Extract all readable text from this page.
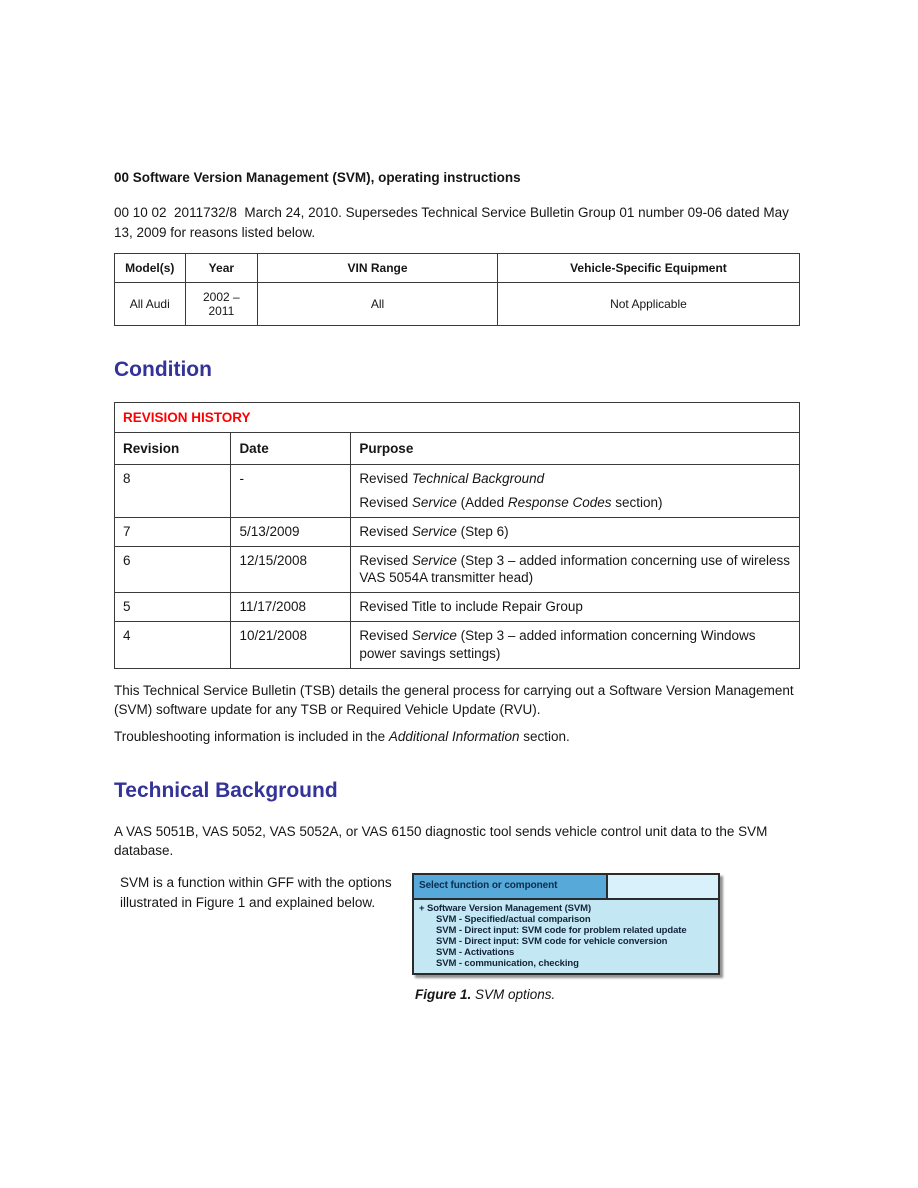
00 Software Version Management (SVM), operating instructions

00 10 02  2011732/8  March 24, 2010. Supersedes Technical Service Bulletin Group 01 number 09-06 dated May 13, 2009 for reasons listed below.

Model(s)	Year	VIN Range	Vehicle-Specific Equipment
All Audi	2002 – 2011	All	Not Applicable
Condition
REVISION HISTORY		
Revision	Date	Purpose
8	-	Revised Technical Background
Revised Service (Added Response Codes section)

7	5/13/2009	Revised Service (Step 6)

6	12/15/2008	Revised Service (Step 3 – added information concerning use of wireless VAS 5054A transmitter head)

5	11/17/2008	Revised Title to include Repair Group

4	10/21/2008	Revised Service (Step 3 – added information concerning Windows power savings settings)

This Technical Service Bulletin (TSB) details the general process for carrying out a Software Version Management (SVM) software update for any TSB or Required Vehicle Update (RVU).

Troubleshooting information is included in the Additional Information section.

Technical Background

A VAS 5051B, VAS 5052, VAS 5052A, or VAS 6150 diagnostic tool sends vehicle control unit data to the SVM database.

SVM is a function within GFF with the options illustrated in Figure 1 and explained below.

Select function or component
+ Software Version Management (SVM)
SVM - Specified/actual comparison
SVM - Direct input: SVM code for problem related update
SVM - Direct input: SVM code for vehicle conversion
SVM - Activations
SVM - communication, checking

Figure 1. SVM options.
